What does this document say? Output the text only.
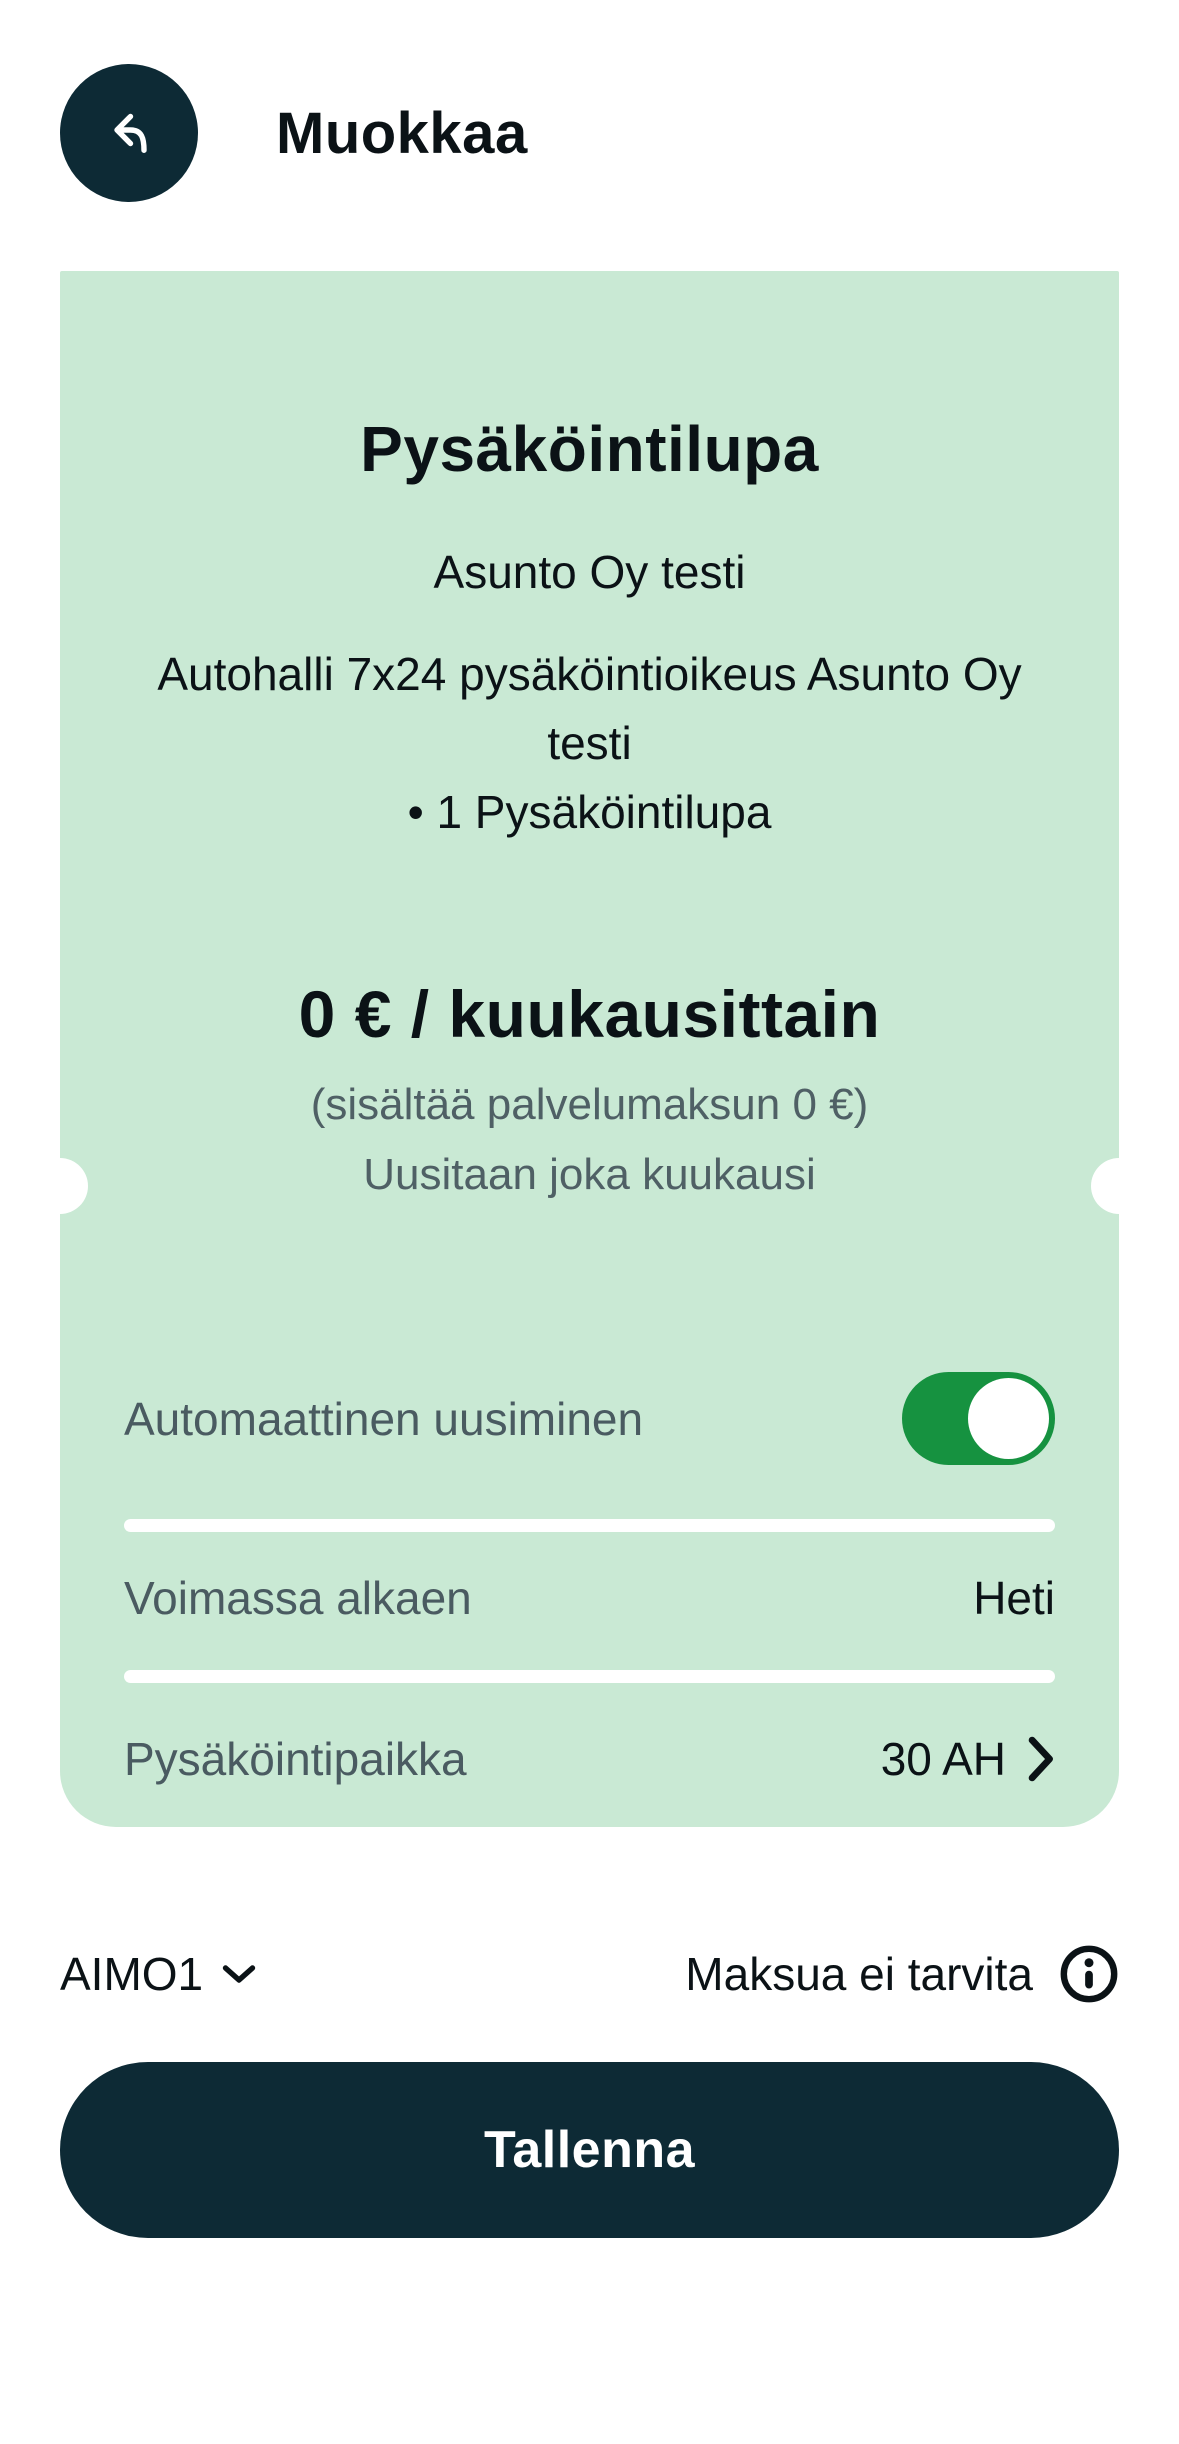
Muokkaa
Pysäköintilupa

Asunto Oy testi

Autohalli 7x24 pysäköintioikeus Asunto Oy testi
• 1 Pysäköintilupa

0 € / kuukausittain

(sisältää palvelumaksun 0 €)

Uusitaan joka kuukausi

Automaattinen uusiminen
Voimassa alkaen	Heti
Pysäköintipaikka	30 AH
AIMO1	Maksua ei tarvita
Tallenna
